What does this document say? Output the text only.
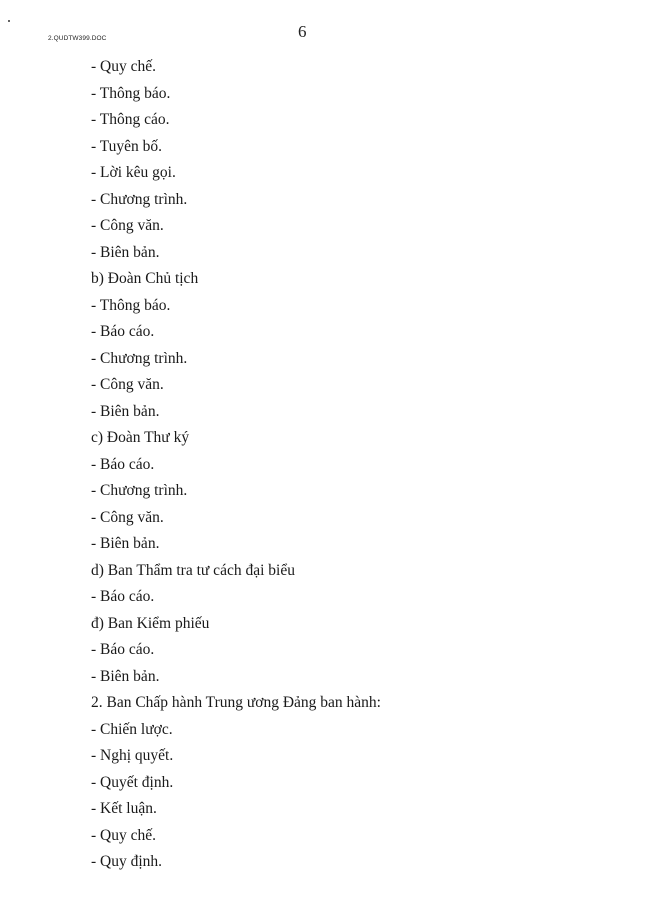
2.QUDTW399.DOC	6
- Quy chế.
- Thông báo.
- Thông cáo.
- Tuyên bố.
- Lời kêu gọi.
- Chương trình.
- Công văn.
- Biên bản.
b) Đoàn Chủ tịch
- Thông báo.
- Báo cáo.
- Chương trình.
- Công văn.
- Biên bản.
c) Đoàn Thư ký
- Báo cáo.
- Chương trình.
- Công văn.
- Biên bản.
d) Ban Thẩm tra tư cách đại biểu
- Báo cáo.
đ) Ban Kiểm phiếu
- Báo cáo.
- Biên bản.
2. Ban Chấp hành Trung ương Đảng ban hành:
- Chiến lược.
- Nghị quyết.
- Quyết định.
- Kết luận.
- Quy chế.
- Quy định.
